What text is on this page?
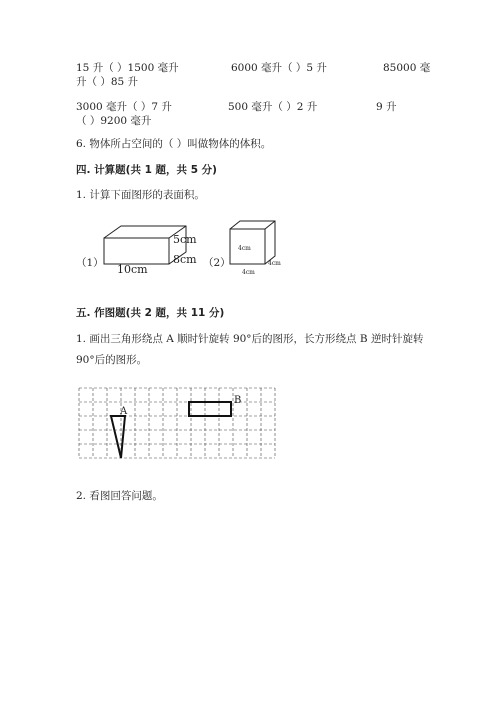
15 升（ ）1500 毫升	6000 毫升（ ）5 升	85000 毫
升（ ）85 升
3000 毫升（ ）7 升	500 毫升（ ）2 升	9 升
（ ）9200 毫升
6. 物体所占空间的（ ）叫做物体的体积。
四. 计算题(共 1 题，共 5 分)
1. 计算下面图形的表面积。
（1）
5cm
8cm
10cm
4cm
4cm
4cm
（2）
五. 作图题(共 2 题，共 11 分)
1. 画出三角形绕点 A 顺时针旋转 90°后的图形，长方形绕点 B 逆时针旋转
90°后的图形。
A
B
2. 看图回答问题。
